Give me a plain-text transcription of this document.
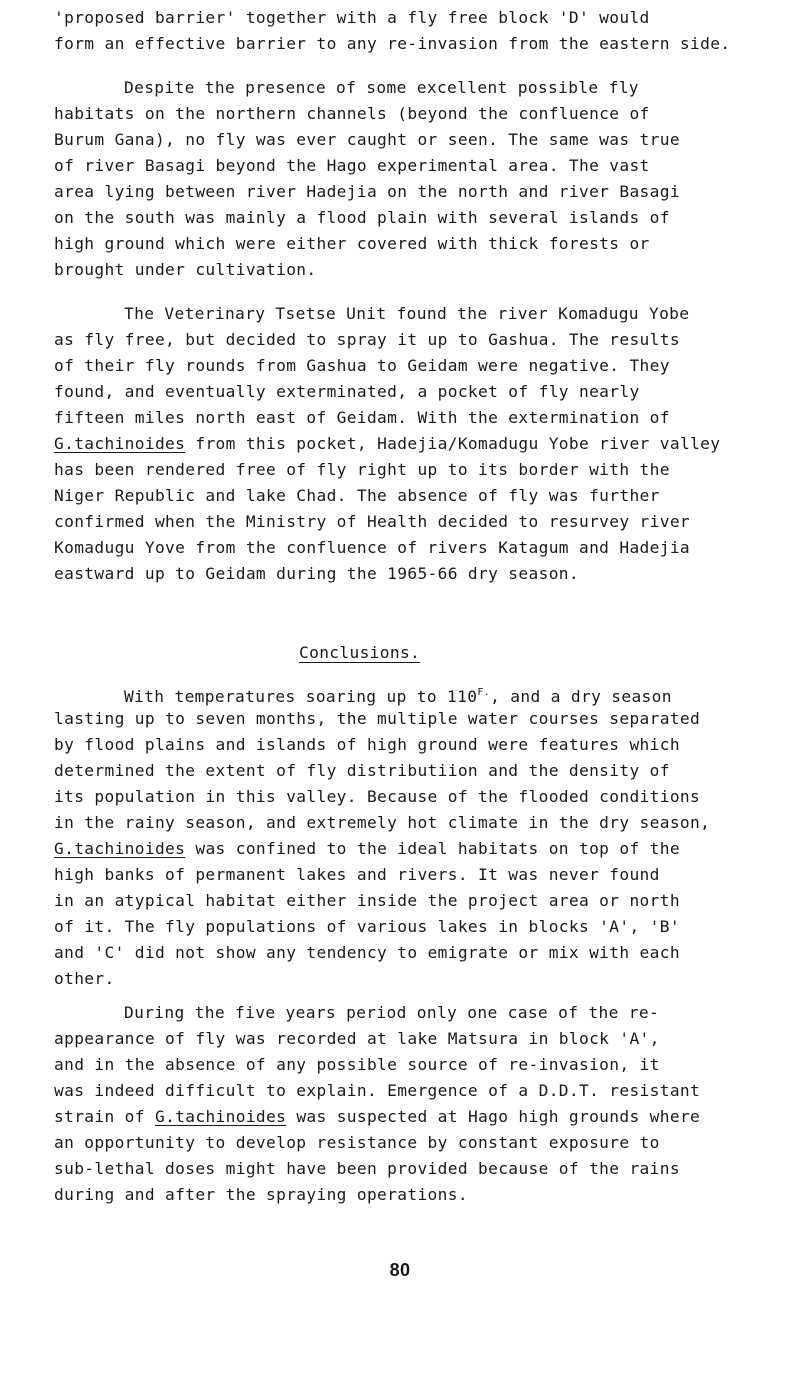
'proposed barrier' together with a fly free block 'D' would
form an effective barrier to any re-invasion from the eastern side.
Despite the presence of some excellent possible fly
habitats on the northern channels (beyond the confluence of
Burum Gana), no fly was ever caught or seen. The same was true
of river Basagi beyond the Hago experimental area. The vast
area lying between river Hadejia on the north and river Basagi
on the south was mainly a flood plain with several islands of
high ground which were either covered with thick forests or
brought under cultivation.
The Veterinary Tsetse Unit found the river Komadugu Yobe
as fly free, but decided to spray it up to Gashua. The results
of their fly rounds from Gashua to Geidam were negative. They
found, and eventually exterminated, a pocket of fly nearly
fifteen miles north east of Geidam. With the extermination of
G.tachinoides from this pocket, Hadejia/Komadugu Yobe river valley
has been rendered free of fly right up to its border with the
Niger Republic and lake Chad. The absence of fly was further
confirmed when the Ministry of Health decided to resurvey river
Komadugu Yove from the confluence of rivers Katagum and Hadejia
eastward up to Geidam during the 1965-66 dry season.
Conclusions.
With temperatures soaring up to $110^{F.}$, and a dry season
lasting up to seven months, the multiple water courses separated
by flood plains and islands of high ground were features which
determined the extent of fly distributiion and the density of
its population in this valley. Because of the flooded conditions
in the rainy season, and extremely hot climate in the dry season,
G.tachinoides was confined to the ideal habitats on top of the
high banks of permanent lakes and rivers. It was never found
in an atypical habitat either inside the project area or north
of it. The fly populations of various lakes in blocks 'A', 'B'
and 'C' did not show any tendency to emigrate or mix with each
other.
During the five years period only one case of the re-
appearance of fly was recorded at lake Matsura in block 'A',
and in the absence of any possible source of re-invasion, it
was indeed difficult to explain. Emergence of a D.D.T. resistant
strain of G.tachinoides was suspected at Hago high grounds where
an opportunity to develop resistance by constant exposure to
sub-lethal doses might have been provided because of the rains
during and after the spraying operations.
80
